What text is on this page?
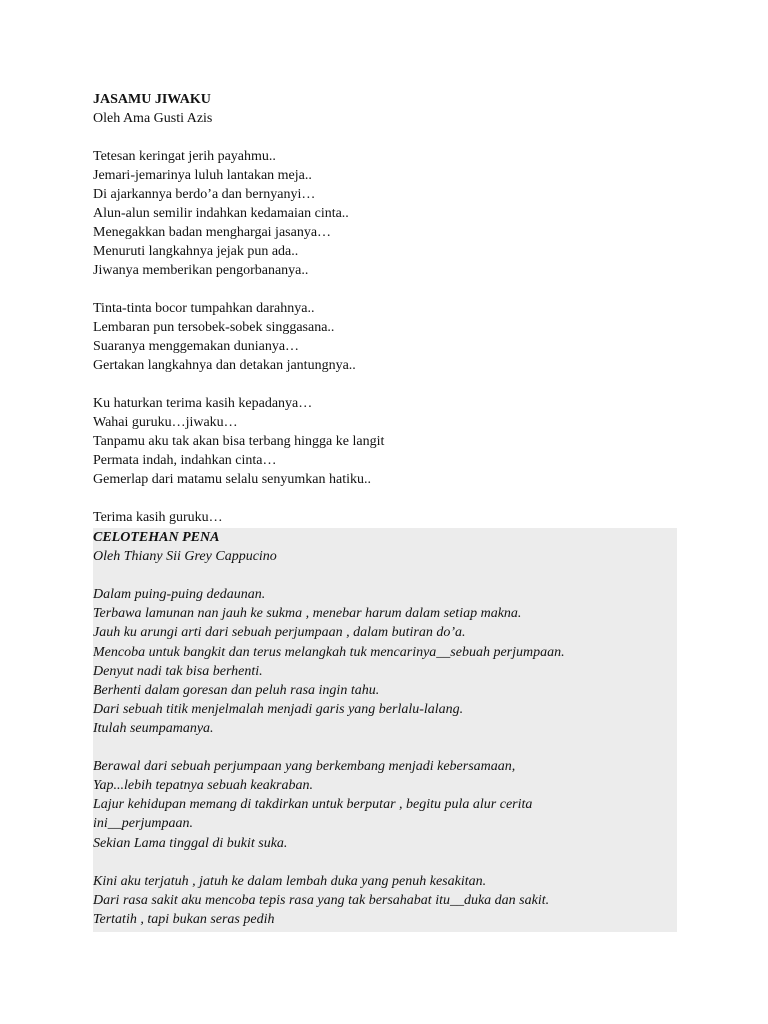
JASAMU JIWAKU
Oleh Ama Gusti Azis
Tetesan keringat jerih payahmu..
Jemari-jemarinya luluh lantakan meja..
Di ajarkannya berdo’a dan bernyanyi…
Alun-alun semilir indahkan kedamaian cinta..
Menegakkan badan menghargai jasanya…
Menuruti langkahnya jejak pun ada..
Jiwanya memberikan pengorbananya..
Tinta-tinta bocor tumpahkan darahnya..
Lembaran pun tersobek-sobek singgasana..
Suaranya menggemakan dunianya…
Gertakan langkahnya dan detakan jantungnya..
Ku haturkan terima kasih kepadanya…
Wahai guruku…jiwaku…
Tanpamu aku tak akan bisa terbang hingga ke langit
Permata indah, indahkan cinta…
Gemerlap dari matamu selalu senyumkan hatiku..
Terima kasih guruku…
CELOTEHAN PENA
Oleh Thiany Sii Grey Cappucino
Dalam puing-puing dedaunan.
Terbawa lamunan nan jauh ke sukma , menebar harum dalam setiap makna.
Jauh ku arungi arti dari sebuah perjumpaan , dalam butiran do’a.
Mencoba untuk bangkit dan terus melangkah tuk mencarinya__sebuah perjumpaan.
Denyut nadi tak bisa berhenti.
Berhenti dalam goresan dan peluh rasa ingin tahu.
Dari sebuah titik menjelmalah menjadi garis yang berlalu-lalang.
Itulah seumpamanya.
Berawal dari sebuah perjumpaan yang berkembang menjadi kebersamaan,
Yap...lebih tepatnya sebuah keakraban.
Lajur kehidupan memang di takdirkan untuk berputar , begitu pula alur cerita
ini__perjumpaan.
Sekian Lama tinggal di bukit suka.
Kini aku terjatuh , jatuh ke dalam lembah duka yang penuh kesakitan.
Dari rasa sakit aku mencoba tepis rasa yang tak bersahabat itu__duka dan sakit.
Tertatih , tapi bukan seras pedih
